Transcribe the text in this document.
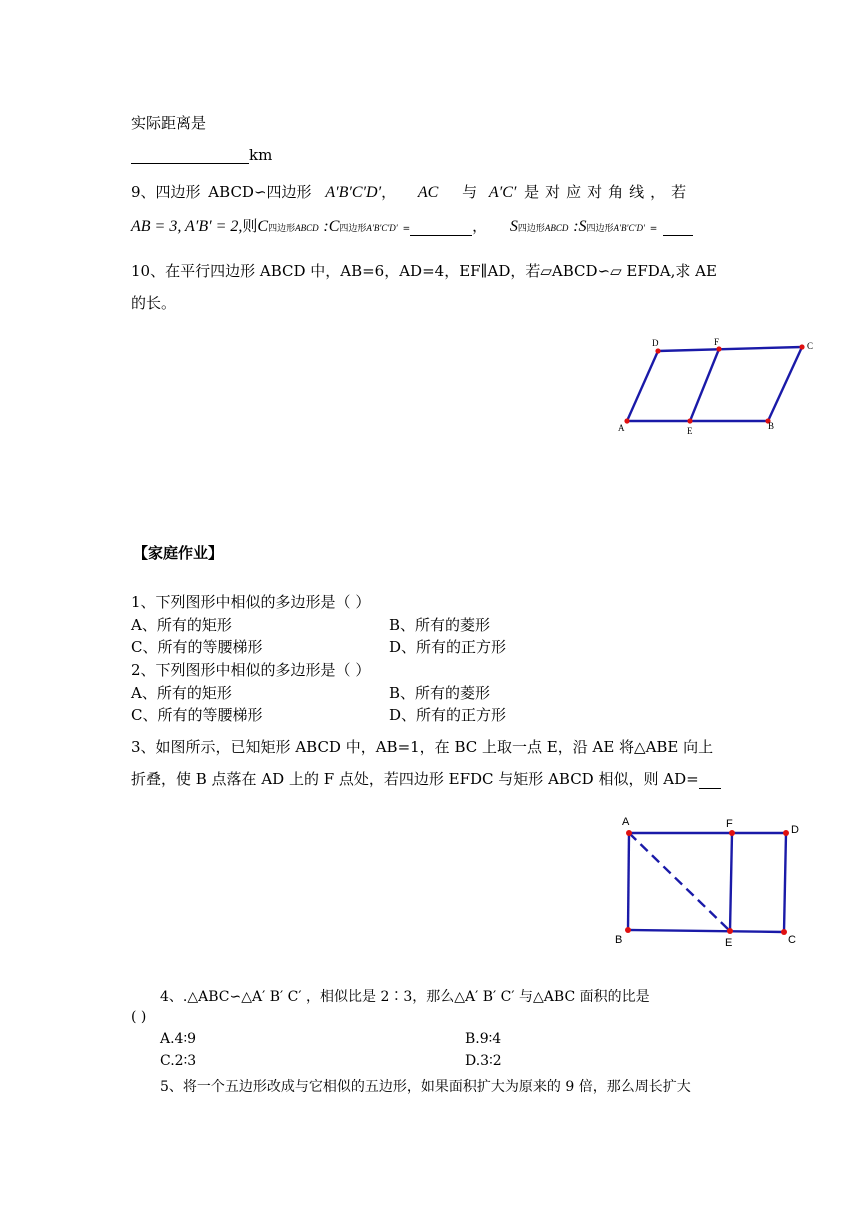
实际距离是
km
9、四边形 ABCD∽四边形 A′B′C′D′， AC 与 A′C′ 是对应对角线，若
AB = 3, A′B′ = 2,则C四边形ABCD :C四边形A′B′C′D′ =	， S四边形ABCD :S四边形A′B′C′D′ =
10、在平行四边形 ABCD 中，AB=6，AD=4，EF∥AD，若▱ABCD∽▱ EFDA,求 AE
的长。
A
D	F	C
E	B
【家庭作业】
1、下列图形中相似的多边形是（ ）
A、所有的矩形	B、所有的菱形
C、所有的等腰梯形	D、所有的正方形
2、下列图形中相似的多边形是（ ）
A、所有的矩形	B、所有的菱形
C、所有的等腰梯形	D、所有的正方形
3、如图所示，已知矩形 ABCD 中，AB=1，在 BC 上取一点 E，沿 AE 将△ABE 向上
折叠，使 B 点落在 AD 上的 F 点处，若四边形 EFDC 与矩形 ABCD 相似，则 AD=
A	F	D
B	E	C
4、.△ABC∽△A′ B′ C′ ，相似比是 2∶3，那么△A′ B′ C′ 与△ABC 面积的比是
( )
A.4∶9	B.9∶4
C.2∶3	D.3∶2
5、将一个五边形改成与它相似的五边形，如果面积扩大为原来的 9 倍，那么周长扩大
